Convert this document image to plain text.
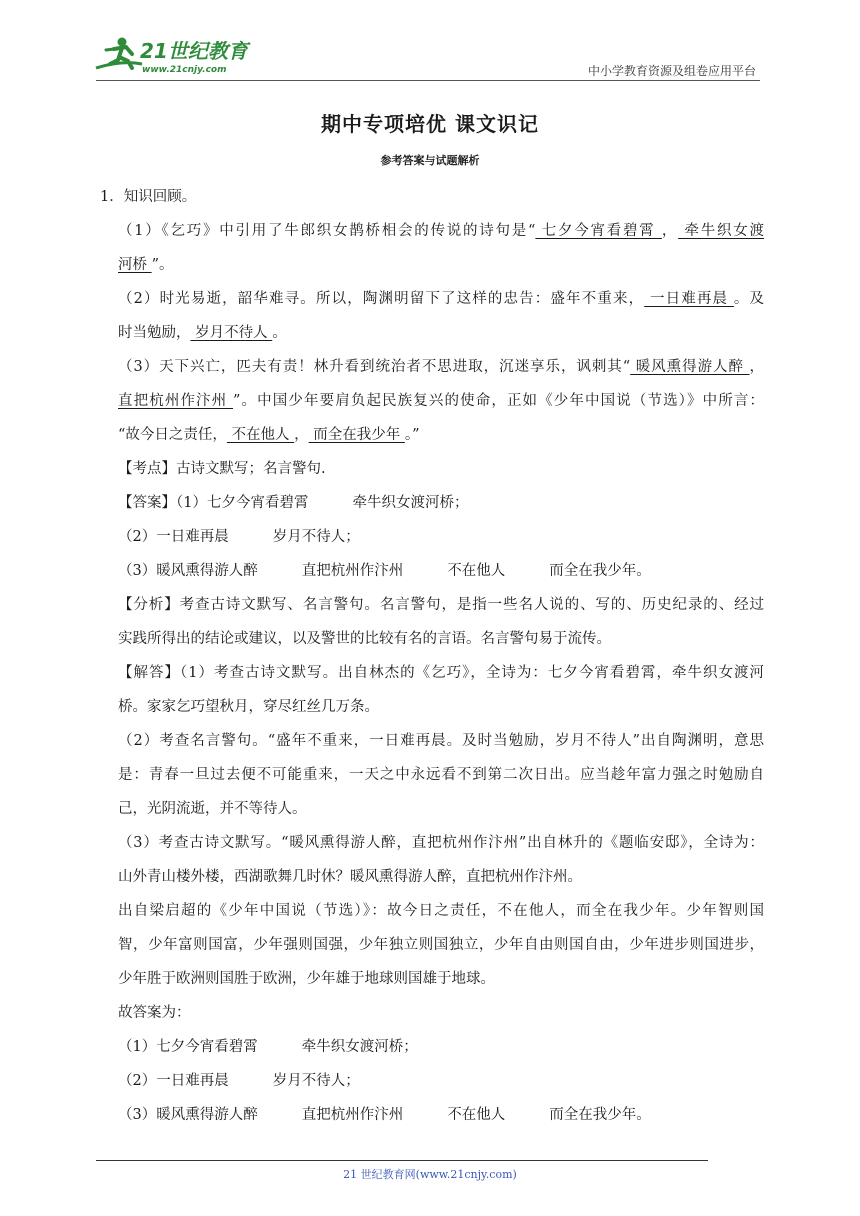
21世纪教育
www.21cnjy.com	中小学教育资源及组卷应用平台
期中专项培优 课文识记
参考答案与试题解析
1．知识回顾。
（1）《乞巧》中引用了牛郎织女鹊桥相会的传说的诗句是“ 七夕今宵看碧霄 ， 牵牛织女渡
河桥 ”。
（2）时光易逝，韶华难寻。所以，陶渊明留下了这样的忠告：盛年不重来， 一日难再晨 。及
时当勉励， 岁月不待人 。
（3）天下兴亡，匹夫有责！林升看到统治者不思进取，沉迷享乐，讽刺其“ 暖风熏得游人醉 ，
直把杭州作汴州 ”。中国少年要肩负起民族复兴的使命，正如《少年中国说（节选）》中所言：
“故今日之责任， 不在他人 ， 而全在我少年 。”
【考点】古诗文默写；名言警句.
【答案】（1）七夕今宵看碧霄	牵牛织女渡河桥；
（2）一日难再晨	岁月不待人；
（3）暖风熏得游人醉	直把杭州作汴州	不在他人	而全在我少年。
【分析】考查古诗文默写、名言警句。名言警句，是指一些名人说的、写的、历史纪录的、经过
实践所得出的结论或建议，以及警世的比较有名的言语。名言警句易于流传。
【解答】（1）考查古诗文默写。出自林杰的《乞巧》，全诗为：七夕今宵看碧霄，牵牛织女渡河
桥。家家乞巧望秋月，穿尽红丝几万条。
（2）考查名言警句。“盛年不重来，一日难再晨。及时当勉励，岁月不待人”出自陶渊明，意思
是：青春一旦过去便不可能重来，一天之中永远看不到第二次日出。应当趁年富力强之时勉励自
己，光阴流逝，并不等待人。
（3）考查古诗文默写。“暖风熏得游人醉，直把杭州作汴州”出自林升的《题临安邸》，全诗为：
山外青山楼外楼，西湖歌舞几时休？暖风熏得游人醉，直把杭州作汴州。
出自梁启超的《少年中国说（节选）》：故今日之责任，不在他人，而全在我少年。少年智则国
智，少年富则国富，少年强则国强，少年独立则国独立，少年自由则国自由，少年进步则国进步，
少年胜于欧洲则国胜于欧洲，少年雄于地球则国雄于地球。
故答案为：
（1）七夕今宵看碧霄	牵牛织女渡河桥；
（2）一日难再晨	岁月不待人；
（3）暖风熏得游人醉	直把杭州作汴州	不在他人	而全在我少年。
21 世纪教育网(www.21cnjy.com)
